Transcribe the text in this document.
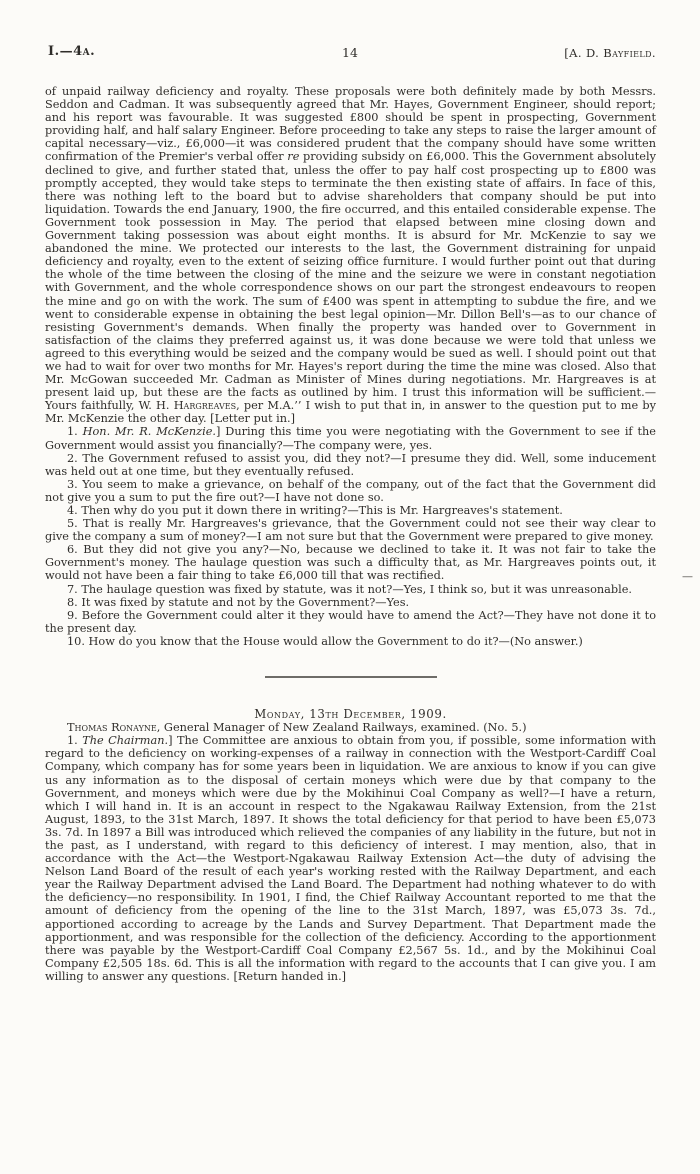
I.—4a.	14	[A. D. Bayfield.

of unpaid railway deficiency and royalty. These proposals were both definitely made by both Messrs. Seddon and Cadman. It was subsequently agreed that Mr. Hayes, Government Engineer, should report; and his report was favourable. It was suggested £800 should be spent in prospecting, Government providing half, and half salary Engineer. Before proceeding to take any steps to raise the larger amount of capital necessary—viz., £6,000—it was considered prudent that the company should have some written confirmation of the Premier's verbal offer re providing subsidy on £6,000. This the Government absolutely declined to give, and further stated that, unless the offer to pay half cost prospecting up to £800 was promptly accepted, they would take steps to terminate the then existing state of affairs. In face of this, there was nothing left to the board but to advise shareholders that company should be put into liquidation. Towards the end January, 1900, the fire occurred, and this entailed considerable expense. The Government took possession in May. The period that elapsed between mine closing down and Government taking possession was about eight months. It is absurd for Mr. McKenzie to say we abandoned the mine. We protected our interests to the last, the Government distraining for unpaid deficiency and royalty, even to the extent of seizing office furniture. I would further point out that during the whole of the time between the closing of the mine and the seizure we were in constant negotiation with Government, and the whole correspondence shows on our part the strongest endeavours to reopen the mine and go on with the work. The sum of £400 was spent in attempting to subdue the fire, and we went to considerable expense in obtaining the best legal opinion—Mr. Dillon Bell's—as to our chance of resisting Government's demands. When finally the property was handed over to Government in satisfaction of the claims they preferred against us, it was done because we were told that unless we agreed to this everything would be seized and the company would be sued as well. I should point out that we had to wait for over two months for Mr. Hayes's report during the time the mine was closed. Also that Mr. McGowan succeeded Mr. Cadman as Minister of Mines during negotiations. Mr. Hargreaves is at present laid up, but these are the facts as outlined by him. I trust this information will be sufficient.—Yours faithfully, W. H. Hargreaves, per M.A.’’ I wish to put that in, in answer to the question put to me by Mr. McKenzie the other day. [Letter put in.]

1. Hon. Mr. R. McKenzie.] During this time you were negotiating with the Government to see if the Government would assist you financially?—The company were, yes.

2. The Government refused to assist you, did they not?—I presume they did. Well, some inducement was held out at one time, but they eventually refused.

3. You seem to make a grievance, on behalf of the company, out of the fact that the Government did not give you a sum to put the fire out?—I have not done so.

4. Then why do you put it down there in writing?—This is Mr. Hargreaves's statement.

5. That is really Mr. Hargreaves's grievance, that the Government could not see their way clear to give the company a sum of money?—I am not sure but that the Government were prepared to give money.

6. But they did not give you any?—No, because we declined to take it. It was not fair to take the Government's money. The haulage question was such a difficulty that, as Mr. Hargreaves points out, it would not have been a fair thing to take £6,000 till that was rectified.

7. The haulage question was fixed by statute, was it not?—Yes, I think so, but it was unreasonable.

8. It was fixed by statute and not by the Government?—Yes.

9. Before the Government could alter it they would have to amend the Act?—They have not done it to the present day.

10. How do you know that the House would allow the Government to do it?—(No answer.)

Monday, 13th December, 1909.

Thomas Ronayne, General Manager of New Zealand Railways, examined. (No. 5.)

1. The Chairman.] The Committee are anxious to obtain from you, if possible, some information with regard to the deficiency on working-expenses of a railway in connection with the Westport-Cardiff Coal Company, which company has for some years been in liquidation. We are anxious to know if you can give us any information as to the disposal of certain moneys which were due by that company to the Government, and moneys which were due by the Mokihinui Coal Company as well?—I have a return, which I will hand in. It is an account in respect to the Ngakawau Railway Extension, from the 21st August, 1893, to the 31st March, 1897. It shows the total deficiency for that period to have been £5,073 3s. 7d. In 1897 a Bill was introduced which relieved the companies of any liability in the future, but not in the past, as I understand, with regard to this deficiency of interest. I may mention, also, that in accordance with the Act—the Westport-Ngakawau Railway Extension Act—the duty of advising the Nelson Land Board of the result of each year's working rested with the Railway Department, and each year the Railway Department advised the Land Board. The Department had nothing whatever to do with the deficiency—no responsibility. In 1901, I find, the Chief Railway Accountant reported to me that the amount of deficiency from the opening of the line to the 31st March, 1897, was £5,073 3s. 7d., apportioned according to acreage by the Lands and Survey Department. That Department made the apportionment, and was responsible for the collection of the deficiency. According to the apportionment there was payable by the Westport-Cardiff Coal Company £2,567 5s. 1d., and by the Mokihinui Coal Company £2,505 18s. 6d. This is all the information with regard to the accounts that I can give you. I am willing to answer any questions. [Return handed in.]

—
